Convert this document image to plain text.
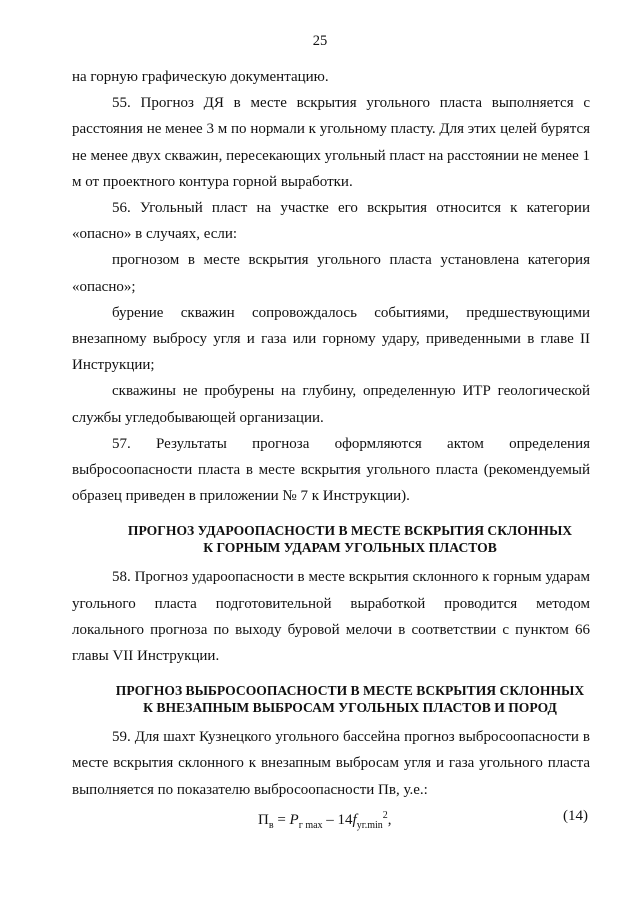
25

на горную графическую документацию.

55. Прогноз ДЯ в месте вскрытия угольного пласта выполняется с расстояния не менее 3 м по нормали к угольному пласту. Для этих целей бурятся не менее двух скважин, пересекающих угольный пласт на расстоянии не менее 1 м от проектного контура горной выработки.

56. Угольный пласт на участке его вскрытия относится к категории «опасно» в случаях, если:

прогнозом в месте вскрытия угольного пласта установлена категория «опасно»;

бурение скважин сопровождалось событиями, предшествующими внезапному выбросу угля и газа или горному удару, приведенными в главе II Инструкции;

скважины не пробурены на глубину, определенную ИТР геологической службы угледобывающей организации.

57. Результаты прогноза оформляются актом определения выбросоопасности пласта в месте вскрытия угольного пласта (рекомендуемый образец приведен в приложении № 7 к Инструкции).

ПРОГНОЗ УДАРООПАСНОСТИ В МЕСТЕ ВСКРЫТИЯ СКЛОННЫХ
К ГОРНЫМ УДАРАМ УГОЛЬНЫХ ПЛАСТОВ

58. Прогноз удароопасности в месте вскрытия склонного к горным ударам угольного пласта подготовительной выработкой проводится методом локального прогноза по выходу буровой мелочи в соответствии с пунктом 66 главы VII Инструкции.

ПРОГНОЗ ВЫБРОСООПАСНОСТИ В МЕСТЕ ВСКРЫТИЯ СКЛОННЫХ
К ВНЕЗАПНЫМ ВЫБРОСАМ УГОЛЬНЫХ ПЛАСТОВ И ПОРОД

59. Для шахт Кузнецкого угольного бассейна прогноз выбросоопасности в месте вскрытия склонного к внезапным выбросам угля и газа угольного пласта выполняется по показателю выбросоопасности Пв, у.е.:

$П_в = P_{г max} - 14f_{уг.min}^2$,	(14)
